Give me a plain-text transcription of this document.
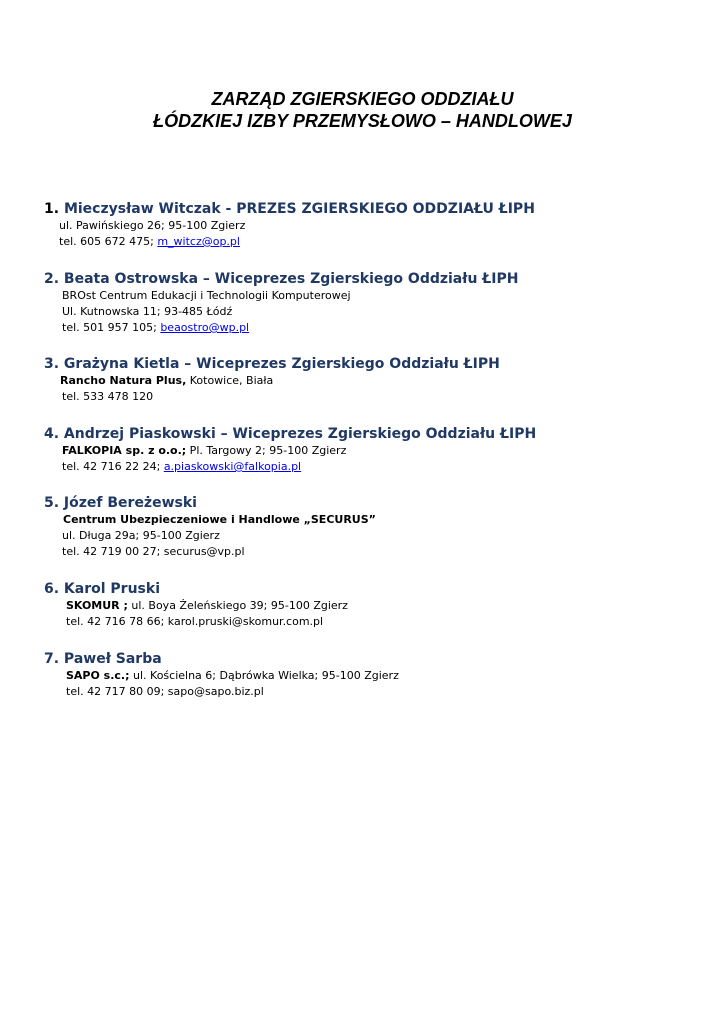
ZARZĄD ZGIERSKIEGO ODDZIAŁU
ŁÓDZKIEJ IZBY PRZEMYSŁOWO – HANDLOWEJ
1. Mieczysław Witczak - PREZES ZGIERSKIEGO ODDZIAŁU ŁIPH
ul. Pawińskiego 26; 95-100 Zgierz
tel. 605 672 475; m_witcz@op.pl
2. Beata Ostrowska – Wiceprezes Zgierskiego Oddziału ŁIPH
BROst Centrum Edukacji i Technologii Komputerowej
Ul. Kutnowska 11; 93-485 Łódź
tel. 501 957 105; beaostro@wp.pl
3. Grażyna Kietla – Wiceprezes Zgierskiego Oddziału ŁIPH
Rancho Natura Plus, Kotowice, Biała
tel. 533 478 120
4. Andrzej Piaskowski – Wiceprezes Zgierskiego Oddziału ŁIPH
FALKOPIA sp. z o.o.; Pl. Targowy 2; 95-100 Zgierz
tel. 42 716 22 24; a.piaskowski@falkopia.pl
5. Józef Bereżewski
Centrum Ubezpieczeniowe i Handlowe „SECURUS”
ul. Długa 29a; 95-100 Zgierz
tel. 42 719 00 27; securus@vp.pl
6. Karol Pruski
SKOMUR ; ul. Boya Żeleńskiego 39; 95-100 Zgierz
tel. 42 716 78 66; karol.pruski@skomur.com.pl
7. Paweł Sarba
SAPO s.c.; ul. Kościelna 6; Dąbrówka Wielka; 95-100 Zgierz
tel. 42 717 80 09; sapo@sapo.biz.pl
